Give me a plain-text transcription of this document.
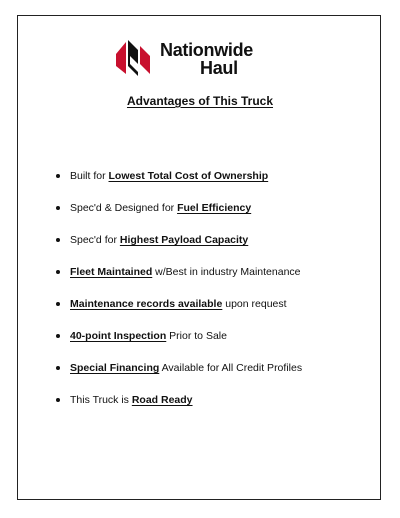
Nationwide
Haul
Advantages of This Truck
Built for Lowest Total Cost of Ownership
Spec'd & Designed for Fuel Efficiency
Spec'd for Highest Payload Capacity
Fleet Maintained w/Best in industry Maintenance
Maintenance records available upon request
40-point Inspection Prior to Sale
Special Financing Available for All Credit Profiles
This Truck is Road Ready
